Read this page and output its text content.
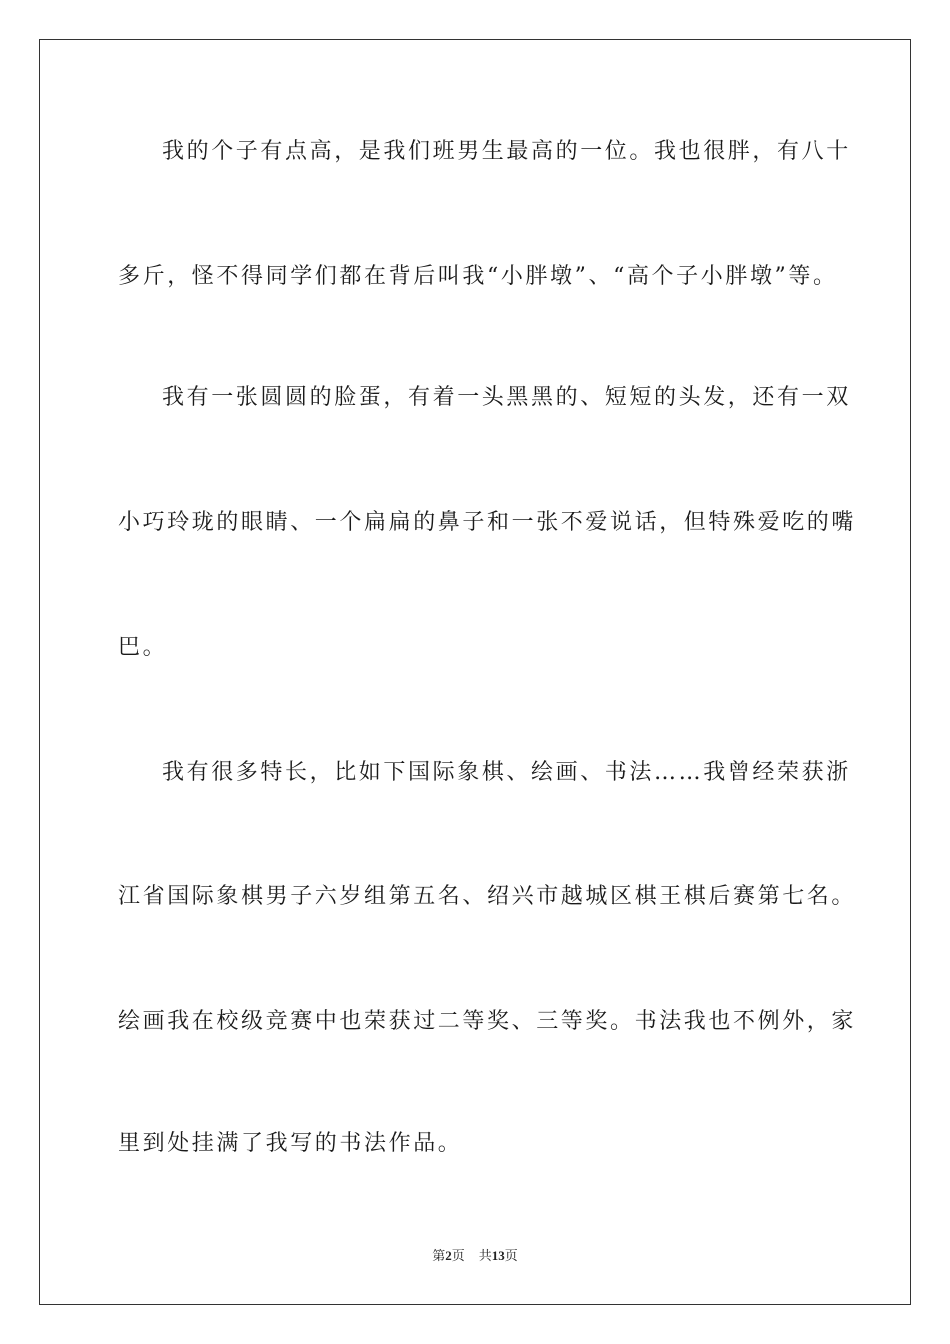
我的个子有点高，是我们班男生最高的一位。我也很胖，有八十
多斤，怪不得同学们都在背后叫我“小胖墩”、“高个子小胖墩”等。
我有一张圆圆的脸蛋，有着一头黑黑的、短短的头发，还有一双
小巧玲珑的眼睛、一个扁扁的鼻子和一张不爱说话，但特殊爱吃的嘴
巴。
我有很多特长，比如下国际象棋、绘画、书法……我曾经荣获浙
江省国际象棋男子六岁组第五名、绍兴市越城区棋王棋后赛第七名。
绘画我在校级竞赛中也荣获过二等奖、三等奖。书法我也不例外，家
里到处挂满了我写的书法作品。
第2页 共13页
